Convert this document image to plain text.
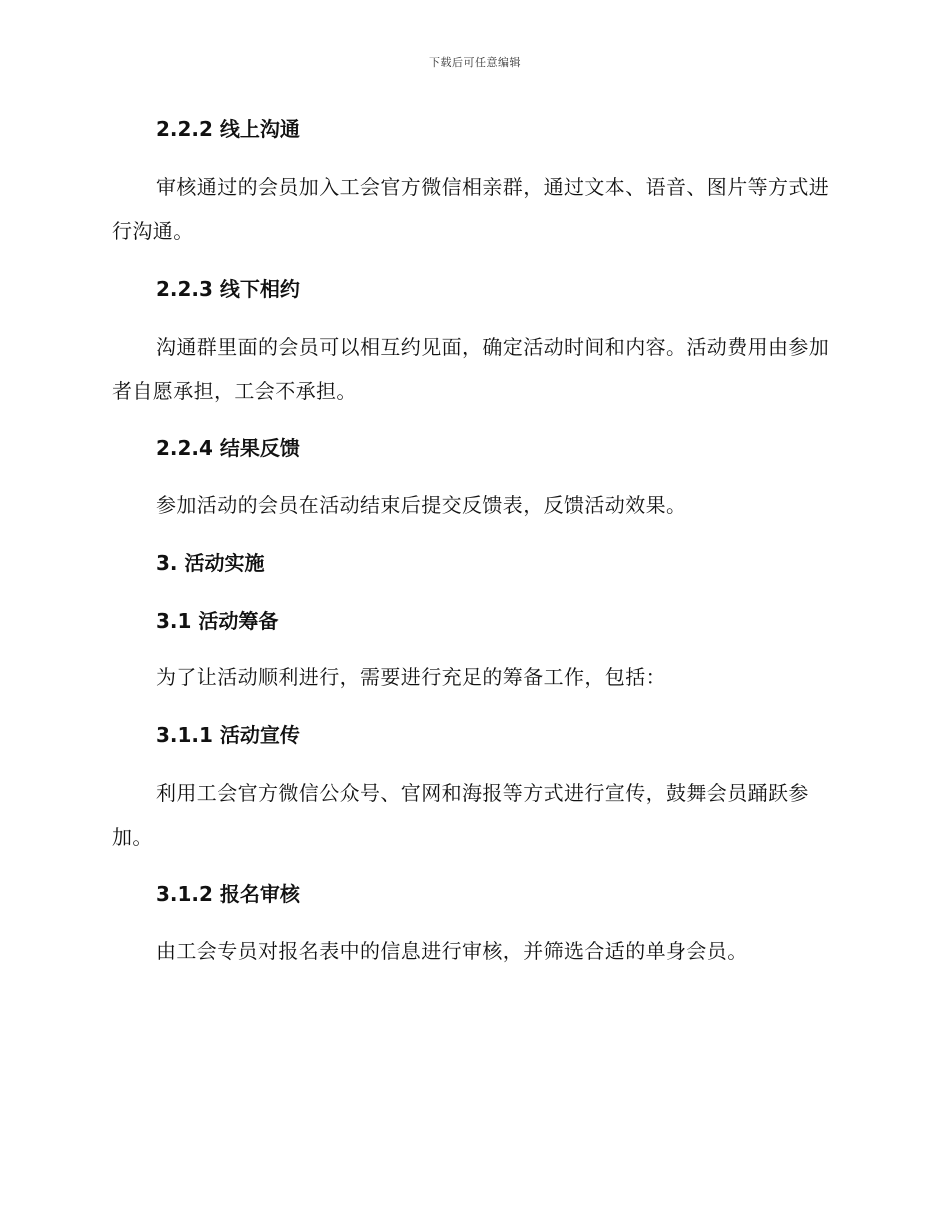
下载后可任意编辑
2.2.2 线上沟通
审核通过的会员加入工会官方微信相亲群，通过文本、语音、图片等方式进行沟通。
2.2.3 线下相约
沟通群里面的会员可以相互约见面，确定活动时间和内容。活动费用由参加者自愿承担，工会不承担。
2.2.4 结果反馈
参加活动的会员在活动结束后提交反馈表，反馈活动效果。
3. 活动实施
3.1 活动筹备
为了让活动顺利进行，需要进行充足的筹备工作，包括：
3.1.1 活动宣传
利用工会官方微信公众号、官网和海报等方式进行宣传，鼓舞会员踊跃参加。
3.1.2 报名审核
由工会专员对报名表中的信息进行审核，并筛选合适的单身会员。
